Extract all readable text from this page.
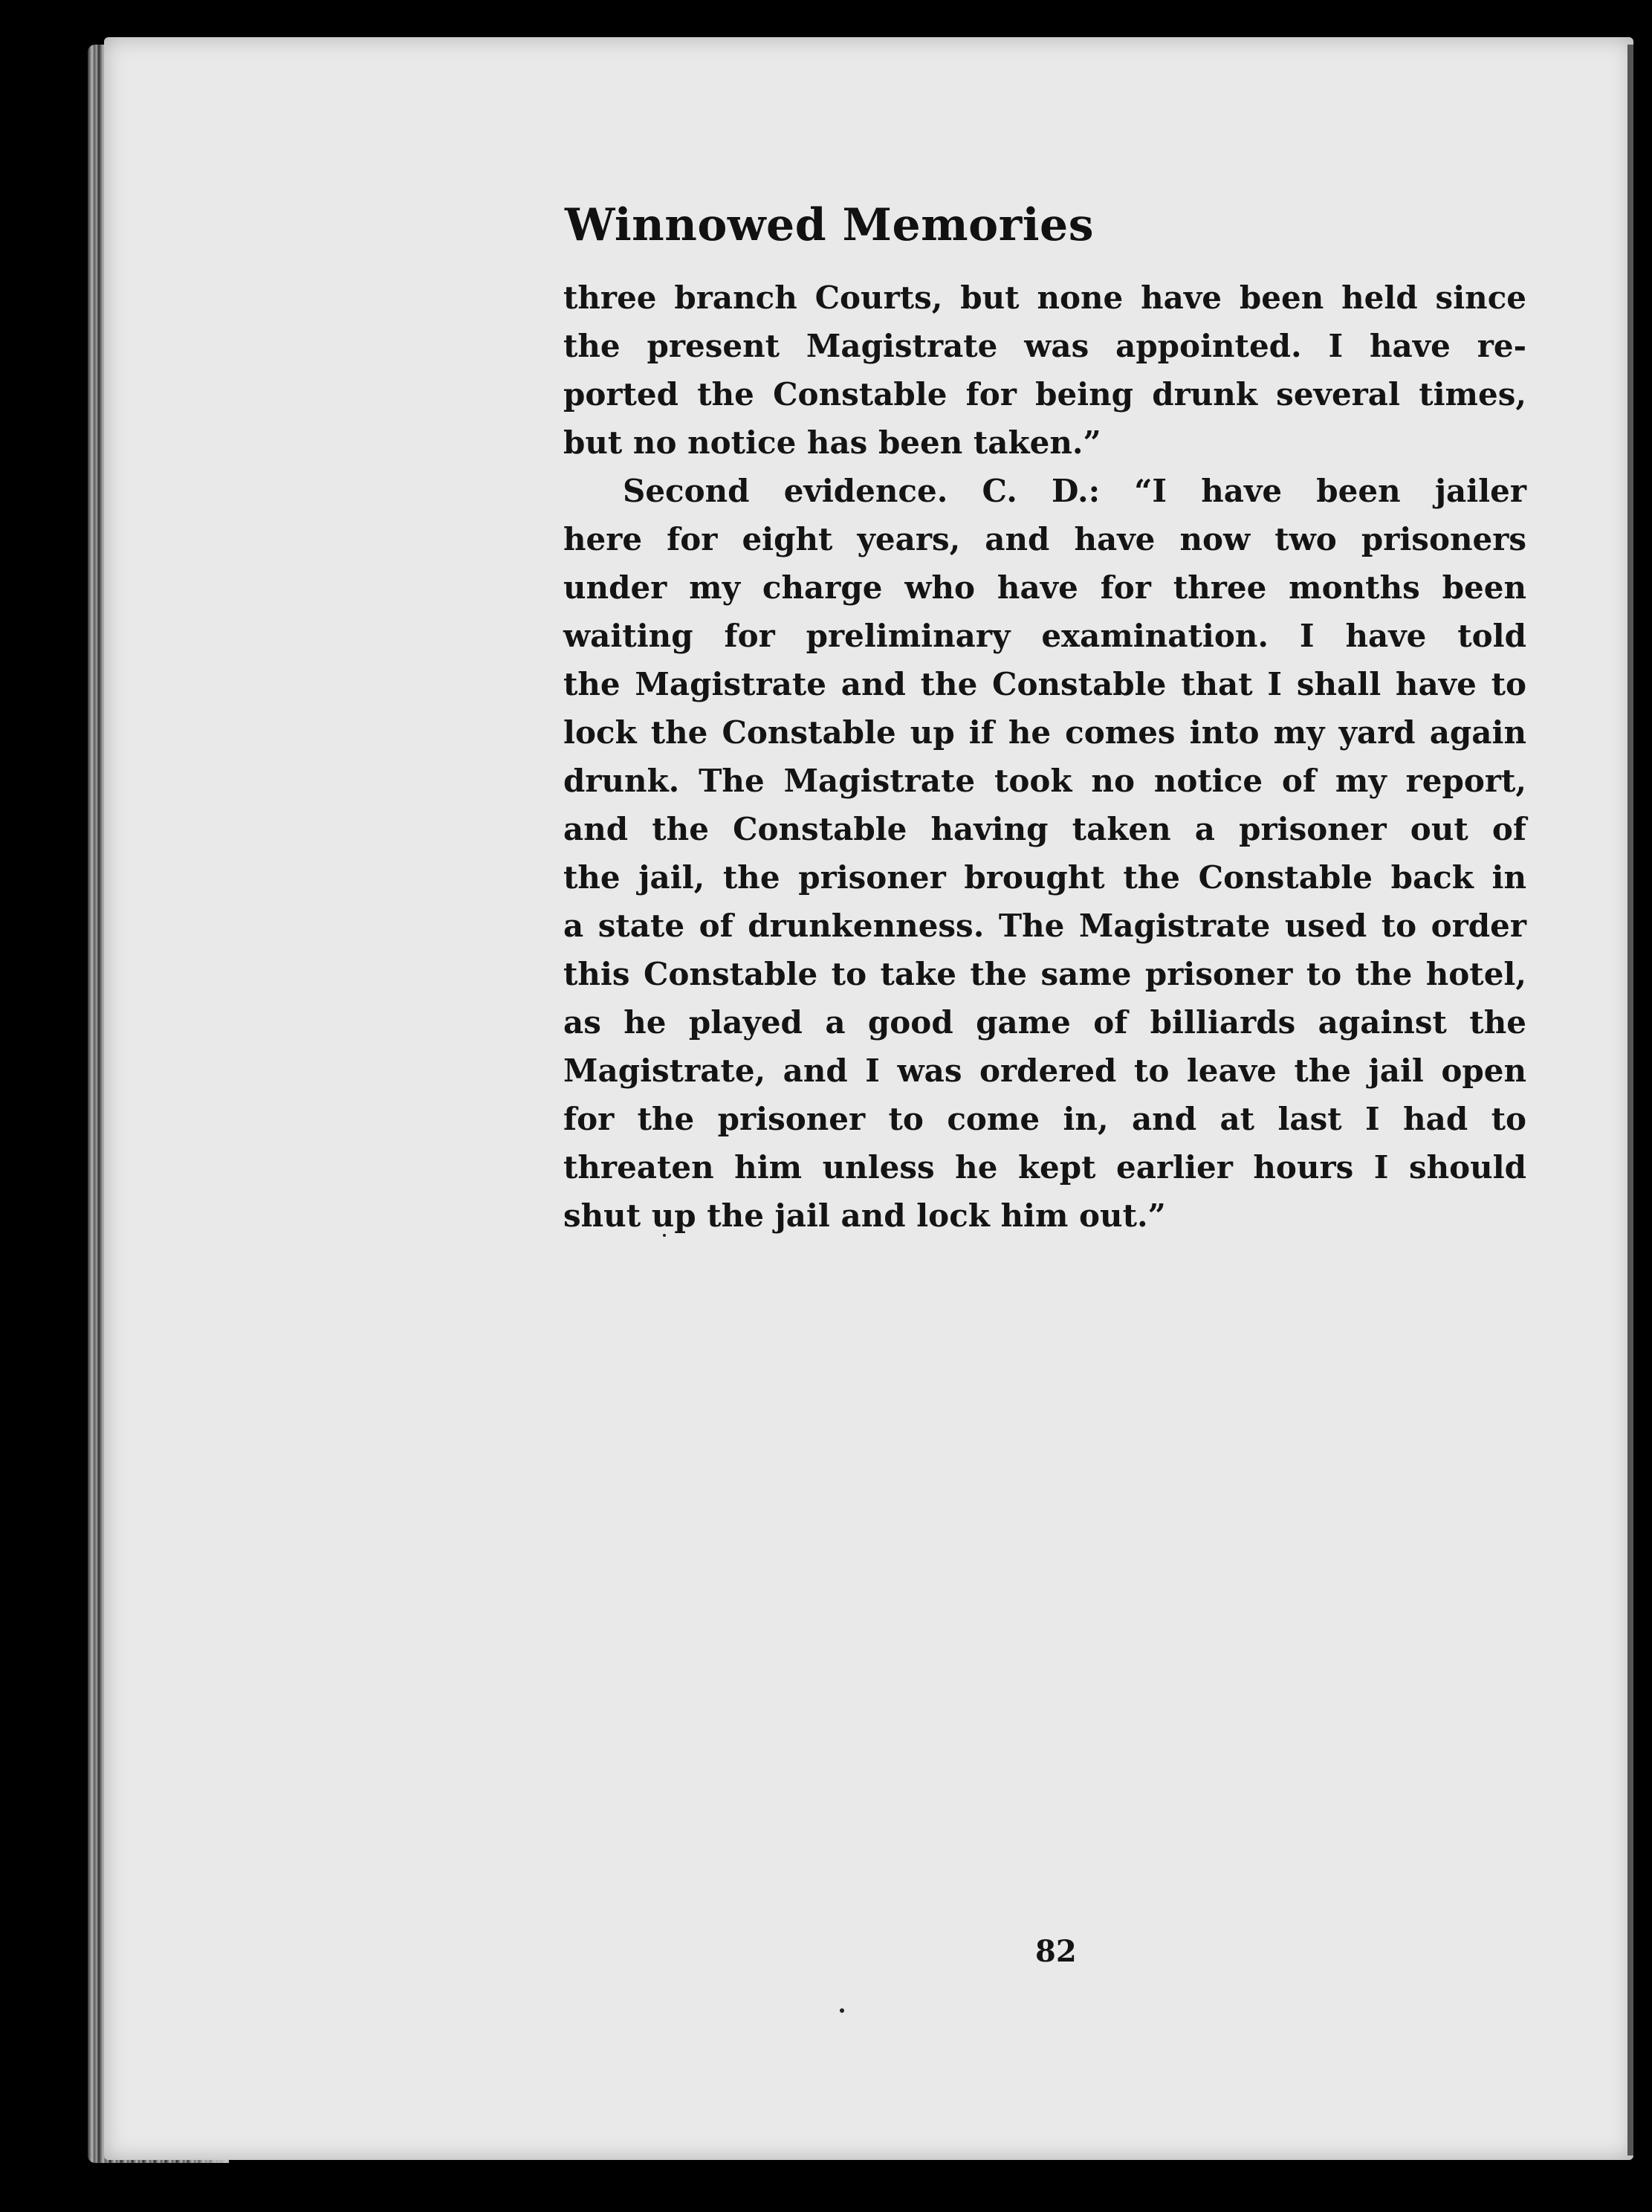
Winnowed Memories
three branch Courts, but none have been held since
the present Magistrate was appointed. I have re-
ported the Constable for being drunk several times,
but no notice has been taken.”
Second evidence. C. D.: “I have been jailer
here for eight years, and have now two prisoners
under my charge who have for three months been
waiting for preliminary examination. I have told
the Magistrate and the Constable that I shall have to
lock the Constable up if he comes into my yard again
drunk. The Magistrate took no notice of my report,
and the Constable having taken a prisoner out of
the jail, the prisoner brought the Constable back in
a state of drunkenness. The Magistrate used to order
this Constable to take the same prisoner to the hotel,
as he played a good game of billiards against the
Magistrate, and I was ordered to leave the jail open
for the prisoner to come in, and at last I had to
threaten him unless he kept earlier hours I should
shut up the jail and lock him out.”
82
